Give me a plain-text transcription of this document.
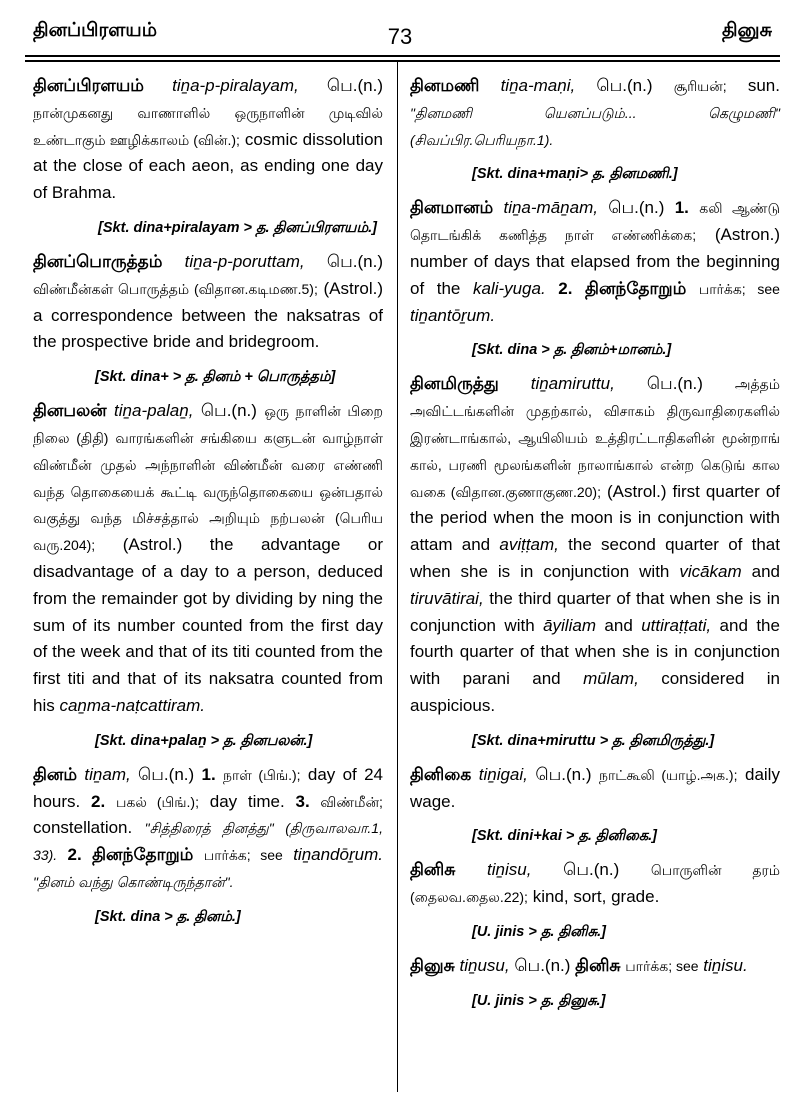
தினப்பிரளயம்	73	தினுசு

தினப்பிரளயம் tiṉa-p-piralayam, பெ.(n.) நான்முகனது வாணாளில் ஒருநாளின் முடிவில் உண்டாகும் ஊழிக்காலம் (வின்.); cosmic dissolution at the close of each aeon, as ending one day of Brahma.

[Skt. dina+piralayam > த. தினப்பிரளயம்.]

தினப்பொருத்தம் tiṉa-p-poruttam, பெ.(n.) விண்மீன்கள் பொருத்தம் (விதான.கடிமண.5); (Astrol.) a correspondence between the naksatras of the prospective bride and bridegroom.

[Skt. dina+ > த. தினம் + பொருத்தம்]

தினபலன் tiṉa-palaṉ, பெ.(n.) ஒரு நாளின் பிறை நிலை (திதி) வாரங்களின் சங்கியை களுடன் வாழ்நாள் விண்மீன் முதல் அந்நாளின் விண்மீன் வரை எண்ணி வந்த தொகையைக் கூட்டி வருந்தொகையை ஒன்பதால் வகுத்து வந்த மிச்சத்தால் அறியும் நற்பலன் (பெரிய வரு.204); (Astrol.) the advantage or disadvantage of a day to a person, deduced from the remainder got by dividing by ning the sum of its number counted from the first day of the week and that of its titi counted from the first titi and that of its naksatra counted from his caṉma-naṭcattiram.

[Skt. dina+palaṉ > த. தினபலன்.]

தினம் tiṉam, பெ.(n.) 1. நாள் (பிங்.); day of 24 hours. 2. பகல் (பிங்.); day time. 3. விண்மீன்; constellation. "சித்திரைத் தினத்து" (திருவாலவா.1, 33). 2. தினந்தோறும் பார்க்க; see tiṉandōṟum. "தினம் வந்து கொண்டிருந்தான்".

[Skt. dina > த. தினம்.]

தினமணி tiṉa-maṇi, பெ.(n.) சூரியன்; sun. "தினமணி யெனப்படும்... கெழுமணி" (சிவப்பிர.பெரியநா.1).

[Skt. dina+maṇi> த. தினமணி.]

தினமானம் tiṉa-māṉam, பெ.(n.) 1. கலி ஆண்டு தொடங்கிக் கணித்த நாள் எண்ணிக்கை; (Astron.) number of days that elapsed from the beginning of the kali-yuga. 2. தினந்தோறும் பார்க்க; see tiṉantōṟum.

[Skt. dina > த. தினம்+மானம்.]

தினமிருத்து tiṉamiruttu, பெ.(n.) அத்தம் அவிட்டங்களின் முதற்கால், விசாகம் திருவாதிரைகளில் இரண்டாங்கால், ஆயிலியம் உத்திரட்டாதிகளின் மூன்றாங் கால், பரணி மூலங்களின் நாலாங்கால் என்ற கெடுங் கால வகை (விதான.குணாகுண.20); (Astrol.) first quarter of the period when the moon is in conjunction with attam and aviṭṭam, the second quarter of that when she is in conjunction with vicākam and tiruvātirai, the third quarter of that when she is in conjunction with āyiliam and uttiraṭṭati, and the fourth quarter of that when she is in conjunction with parani and mūlam, considered in auspicious.

[Skt. dina+miruttu > த. தினமிருத்து.]

தினிகை tiṉigai, பெ.(n.) நாட்கூலி (யாழ்.அக.); daily wage.

[Skt. dini+kai > த. தினிகை.]

தினிசு tiṉisu, பெ.(n.) பொருளின் தரம் (தைலவ.தைல.22); kind, sort, grade.

[U. jinis > த. தினிசு.]

தினுசு tiṉusu, பெ.(n.) தினிசு பார்க்க; see tiṉisu.

[U. jinis > த. தினுசு.]
